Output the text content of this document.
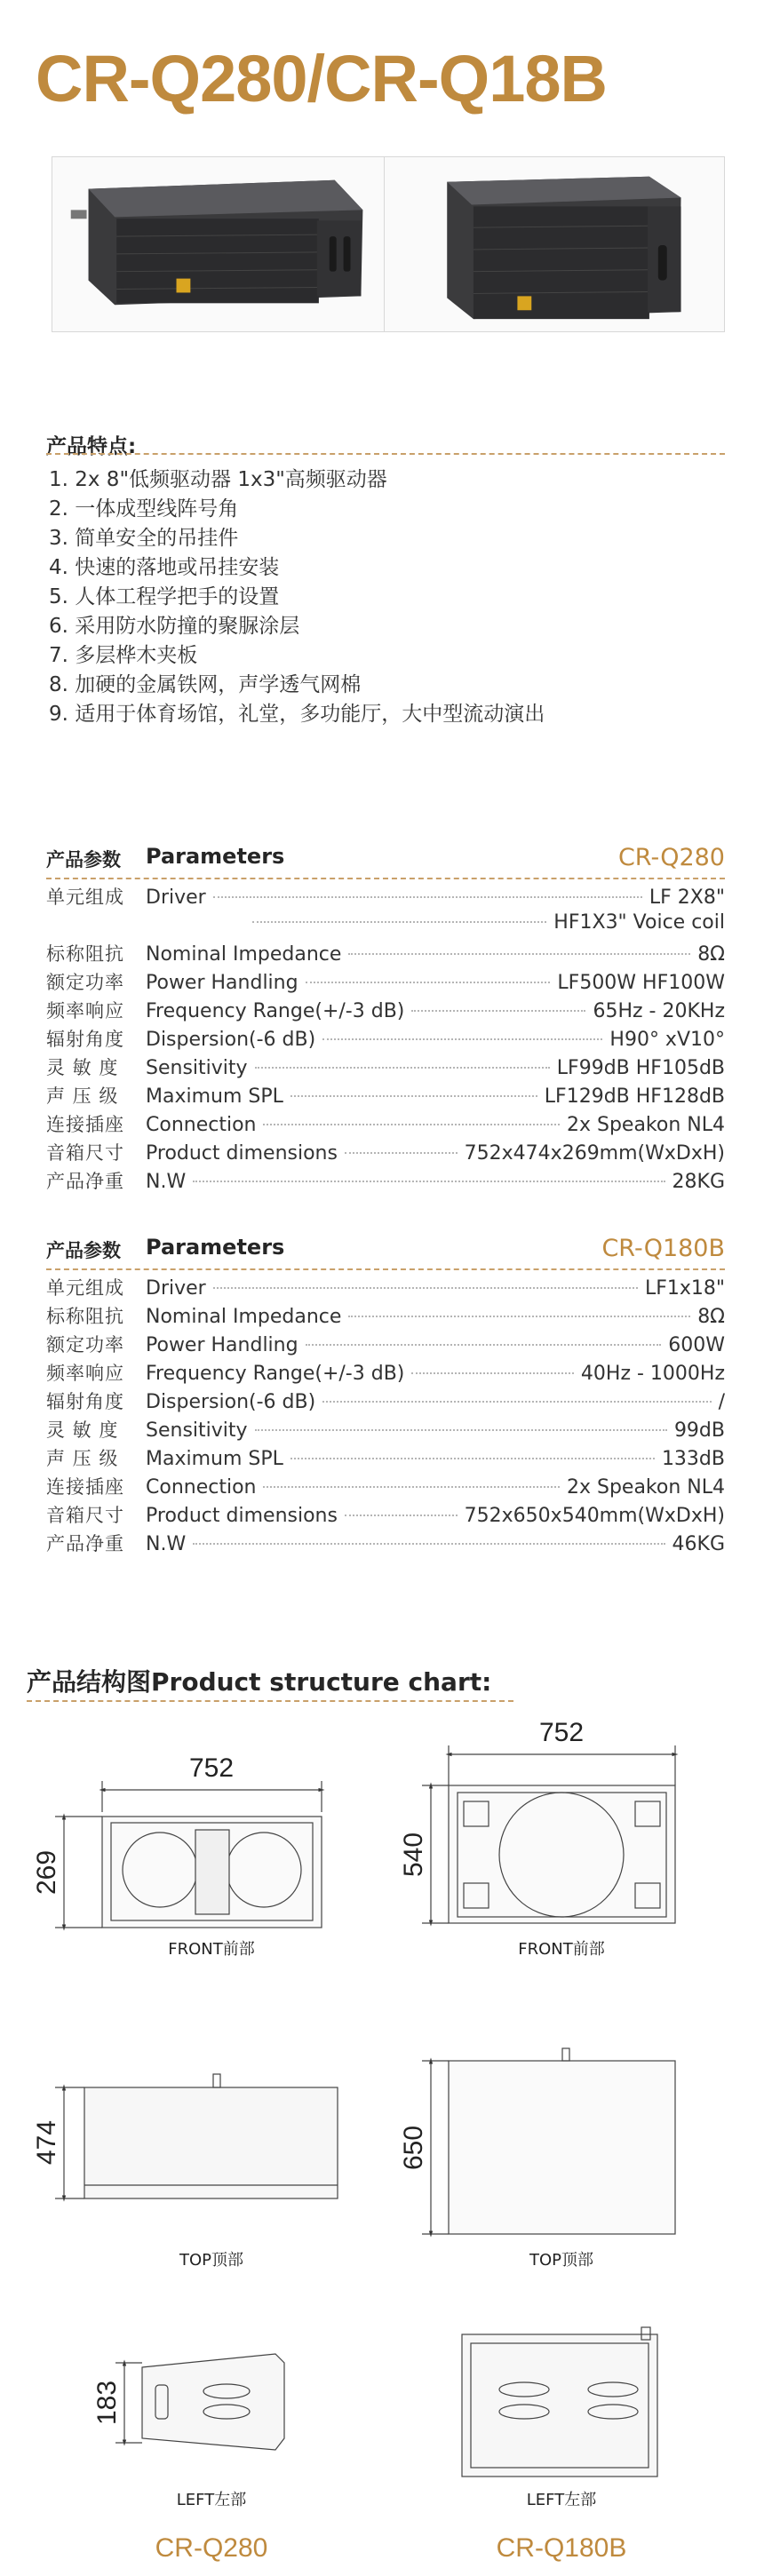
CR-Q280/CR-Q18B
产品特点:
1. 2x 8"低频驱动器 1x3"高频驱动器
2. 一体成型线阵号角
3. 简单安全的吊挂件
4. 快速的落地或吊挂安装
5. 人体工程学把手的设置
6. 采用防水防撞的聚脲涂层
7. 多层桦木夹板
8. 加硬的金属铁网，声学透气网棉
9. 适用于体育场馆，礼堂，多功能厅，大中型流动演出
产品参数 Parameters	CR-Q280
单元组成	Driver	LF 2X8"
HF1X3" Voice coil
标称阻抗	Nominal Impedance	8Ω
额定功率	Power Handling	LF500W HF100W
频率响应	Frequency Range(+/-3 dB)	65Hz - 20KHz
辐射角度	Dispersion(-6 dB)	H90° xV10°
灵 敏 度	Sensitivity	LF99dB HF105dB
声 压 级	Maximum SPL	LF129dB HF128dB
连接插座	Connection	2x Speakon NL4
音箱尺寸	Product dimensions	752x474x269mm(WxDxH)
产品净重	N.W	28KG
产品参数 Parameters	CR-Q180B
单元组成	Driver	LF1x18"
标称阻抗	Nominal Impedance	8Ω
额定功率	Power Handling	600W
频率响应	Frequency Range(+/-3 dB)	40Hz - 1000Hz
辐射角度	Dispersion(-6 dB)	/
灵 敏 度	Sensitivity	99dB
声 压 级	Maximum SPL	133dB
连接插座	Connection	2x Speakon NL4
音箱尺寸	Product dimensions	752x650x540mm(WxDxH)
产品净重	N.W	46KG
产品结构图Product structure chart:
752
269
FRONT前部
752
540
FRONT前部
474
TOP顶部
650
TOP顶部
183
LEFT左部	LEFT左部
CR-Q280	CR-Q180B
